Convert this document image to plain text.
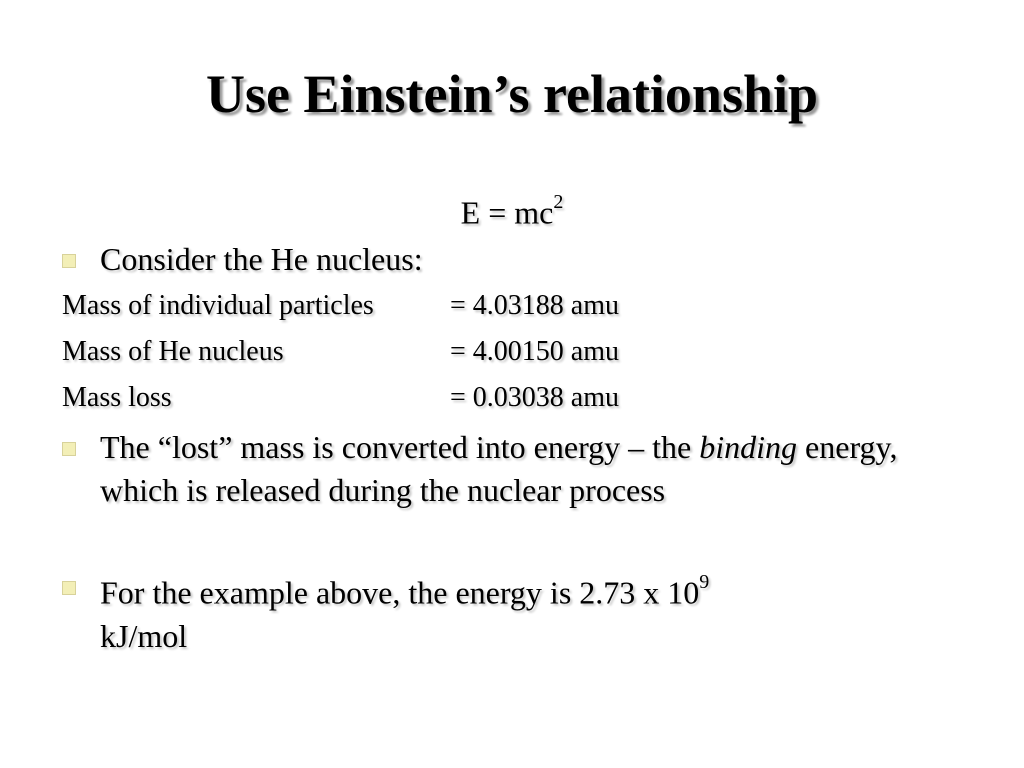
Use Einstein’s relationship
$E = mc^2$
Consider the He nucleus:
Mass of individual particles	= 4.03188 amu
Mass of He nucleus	= 4.00150 amu
Mass loss	= 0.03038 amu
The “lost” mass is converted into energy – the binding energy, which is released during the nuclear process
For the example above, the energy is 2.73 x $10^9$
kJ/mol
